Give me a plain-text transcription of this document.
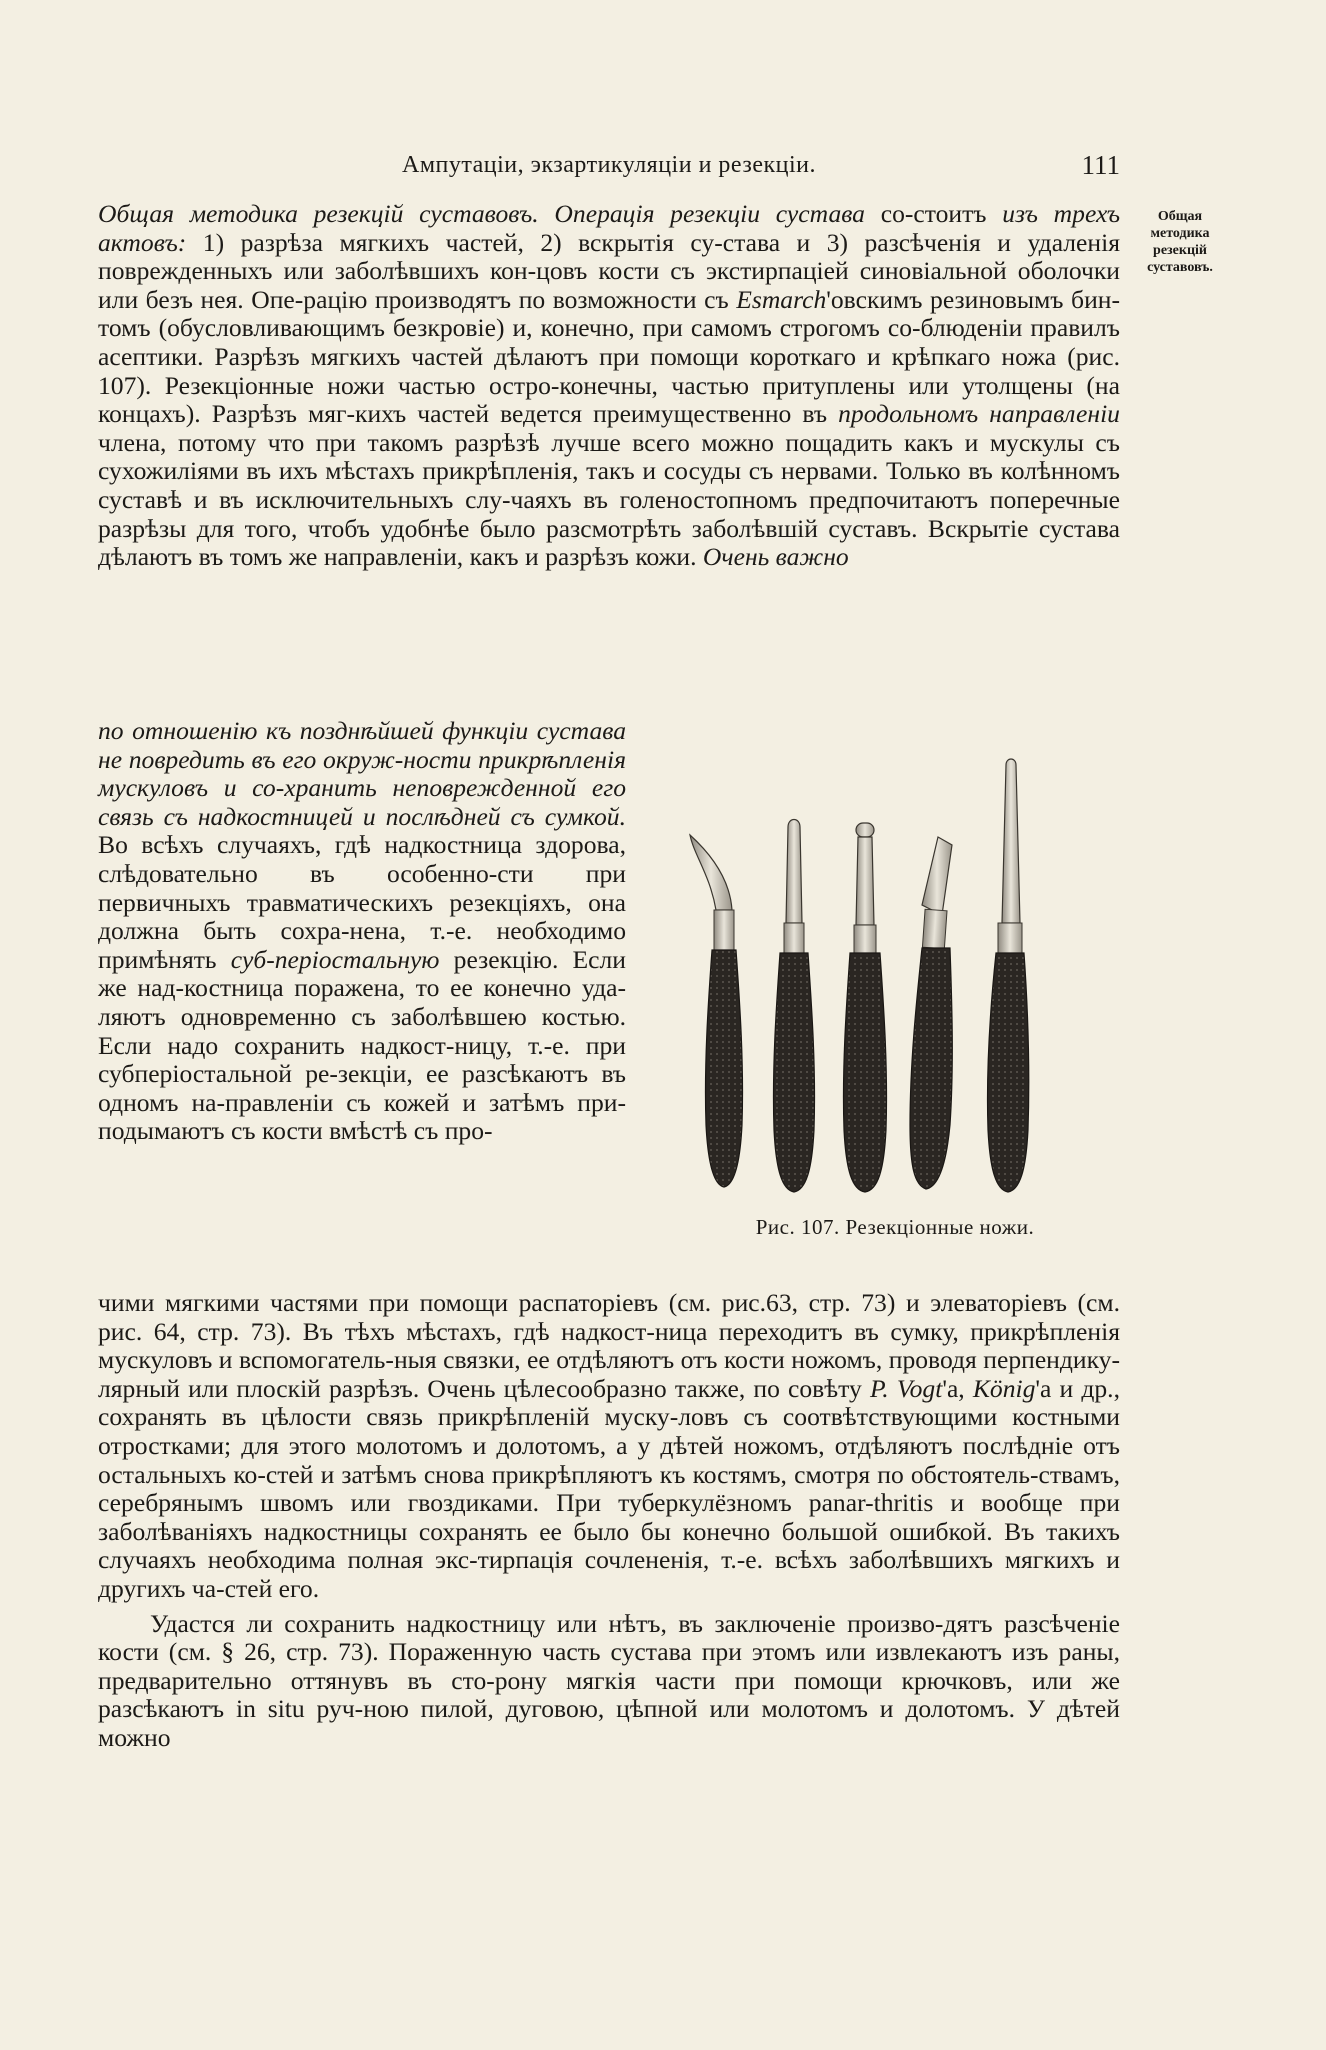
Ампутаціи, экзартикуляціи и резекціи.	111
Общая
методика
резекцій
суставовъ.

Общая методика резекцій суставовъ. Операція резекціи сустава со-стоитъ изъ трехъ актовъ: 1) разрѣза мягкихъ частей, 2) вскрытія су-става и 3) разсѣченія и удаленія поврежденныхъ или заболѣвшихъ кон-цовъ кости съ экстирпаціей синовіальной оболочки или безъ нея. Опе-рацію производятъ по возможности съ Esmarch'овскимъ резиновымъ бин-томъ (обусловливающимъ безкровіе) и, конечно, при самомъ строгомъ со-блюденіи правилъ асептики. Разрѣзъ мягкихъ частей дѣлаютъ при помощи короткаго и крѣпкаго ножа (рис. 107). Резекціонные ножи частью остро-конечны, частью притуплены или утолщены (на концахъ). Разрѣзъ мяг-кихъ частей ведется преимущественно въ продольномъ направленіи члена, потому что при такомъ разрѣзѣ лучше всего можно пощадить какъ и мускулы съ сухожиліями въ ихъ мѣстахъ прикрѣпленія, такъ и сосуды съ нервами. Только въ колѣнномъ суставѣ и въ исключительныхъ слу-чаяхъ въ голеностопномъ предпочитаютъ поперечные разрѣзы для того, чтобъ удобнѣе было разсмотрѣть заболѣвшій суставъ. Вскрытіе сустава дѣлаютъ въ томъ же направленіи, какъ и разрѣзъ кожи. Очень важно

по отношенію къ позднѣйшей функціи сустава не повредить въ его окруж-ности прикрѣпленія мускуловъ и со-хранить неповрежденной его связь съ надкостницей и послѣдней съ сумкой. Во всѣхъ случаяхъ, гдѣ надкостница здорова, слѣдовательно въ особенно-сти при первичныхъ травматическихъ резекціяхъ, она должна быть сохра-нена, т.-е. необходимо примѣнять суб-періостальную резекцію. Если же над-костница поражена, то ее конечно уда-ляютъ одновременно съ заболѣвшею костью. Если надо сохранить надкост-ницу, т.-е. при субперіостальной ре-зекціи, ее разсѣкаютъ въ одномъ на-правленіи съ кожей и затѣмъ при-подымаютъ съ кости вмѣстѣ съ про-

Рис. 107. Резекціонные ножи.

чими мягкими частями при помощи распаторіевъ (см. рис.63, стр. 73) и элеваторіевъ (см. рис. 64, стр. 73). Въ тѣхъ мѣстахъ, гдѣ надкост-ница переходитъ въ сумку, прикрѣпленія мускуловъ и вспомогатель-ныя связки, ее отдѣляютъ отъ кости ножомъ, проводя перпендику-лярный или плоскій разрѣзъ. Очень цѣлесообразно также, по совѣту P. Vogt'а, König'а и др., сохранять въ цѣлости связь прикрѣпленій муску-ловъ съ соотвѣтствующими костными отростками; для этого молотомъ и долотомъ, а у дѣтей ножомъ, отдѣляютъ послѣдніе отъ остальныхъ ко-стей и затѣмъ снова прикрѣпляютъ къ костямъ, смотря по обстоятель-ствамъ, серебрянымъ швомъ или гвоздиками. При туберкулёзномъ panar-thritis и вообще при заболѣваніяхъ надкостницы сохранять ее было бы конечно большой ошибкой. Въ такихъ случаяхъ необходима полная экс-тирпація сочлененія, т.-е. всѣхъ заболѣвшихъ мягкихъ и другихъ ча-стей его.

Удастся ли сохранить надкостницу или нѣтъ, въ заключеніе произво-дятъ разсѣченіе кости (см. § 26, стр. 73). Пораженную часть сустава при этомъ или извлекаютъ изъ раны, предварительно оттянувъ въ сто-рону мягкія части при помощи крючковъ, или же разсѣкаютъ in situ руч-ною пилой, дуговою, цѣпной или молотомъ и долотомъ. У дѣтей можно
